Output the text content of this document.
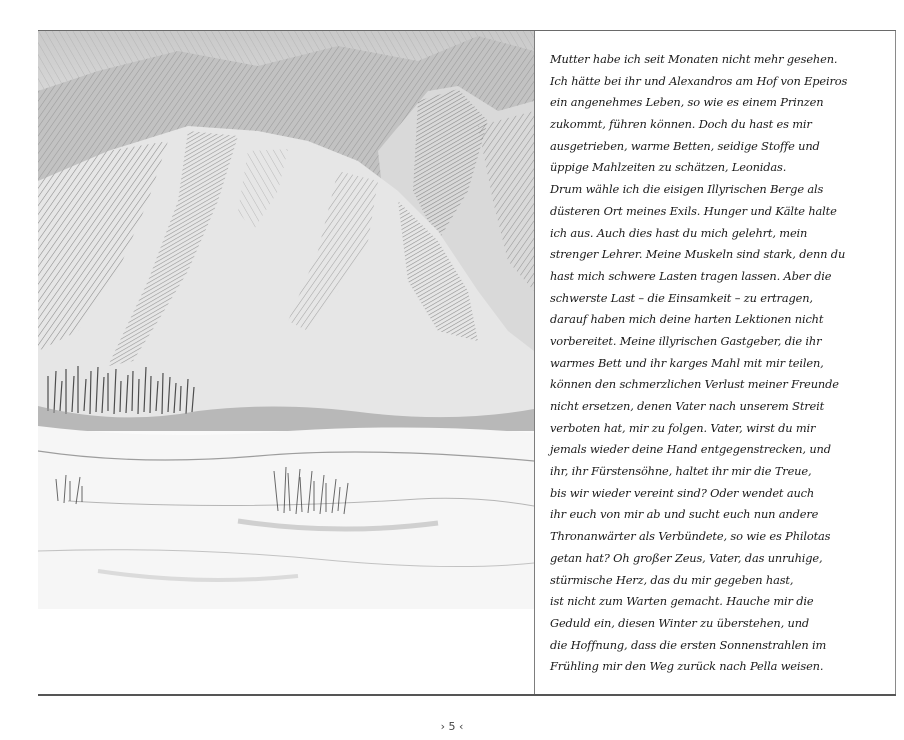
Mutter habe ich seit Monaten nicht mehr gesehen.
Ich hätte bei ihr und Alexandros am Hof von Epeiros
ein angenehmes Leben, so wie es einem Prinzen
zukommt, führen können. Doch du hast es mir
ausgetrieben, warme Betten, seidige Stoffe und
üppige Mahlzeiten zu schätzen, Leonidas.
Drum wähle ich die eisigen Illyrischen Berge als
düsteren Ort meines Exils. Hunger und Kälte halte
ich aus. Auch dies hast du mich gelehrt, mein
strenger Lehrer. Meine Muskeln sind stark, denn du
hast mich schwere Lasten tragen lassen. Aber die
schwerste Last – die Einsamkeit – zu ertragen,
darauf haben mich deine harten Lektionen nicht
vorbereitet. Meine illyrischen Gastgeber, die ihr
warmes Bett und ihr karges Mahl mit mir teilen,
können den schmerzlichen Verlust meiner Freunde
nicht ersetzen, denen Vater nach unserem Streit
verboten hat, mir zu folgen. Vater, wirst du mir
jemals wieder deine Hand entgegenstrecken, und
ihr, ihr Fürstensöhne, haltet ihr mir die Treue,
bis wir wieder vereint sind? Oder wendet auch
ihr euch von mir ab und sucht euch nun andere
Thronanwärter als Verbündete, so wie es Philotas
getan hat? Oh großer Zeus, Vater, das unruhige,
stürmische Herz, das du mir gegeben hast,
ist nicht zum Warten gemacht. Hauche mir die
Geduld ein, diesen Winter zu überstehen, und
die Hoffnung, dass die ersten Sonnenstrahlen im
Frühling mir den Weg zurück nach Pella weisen.
› 5 ‹
